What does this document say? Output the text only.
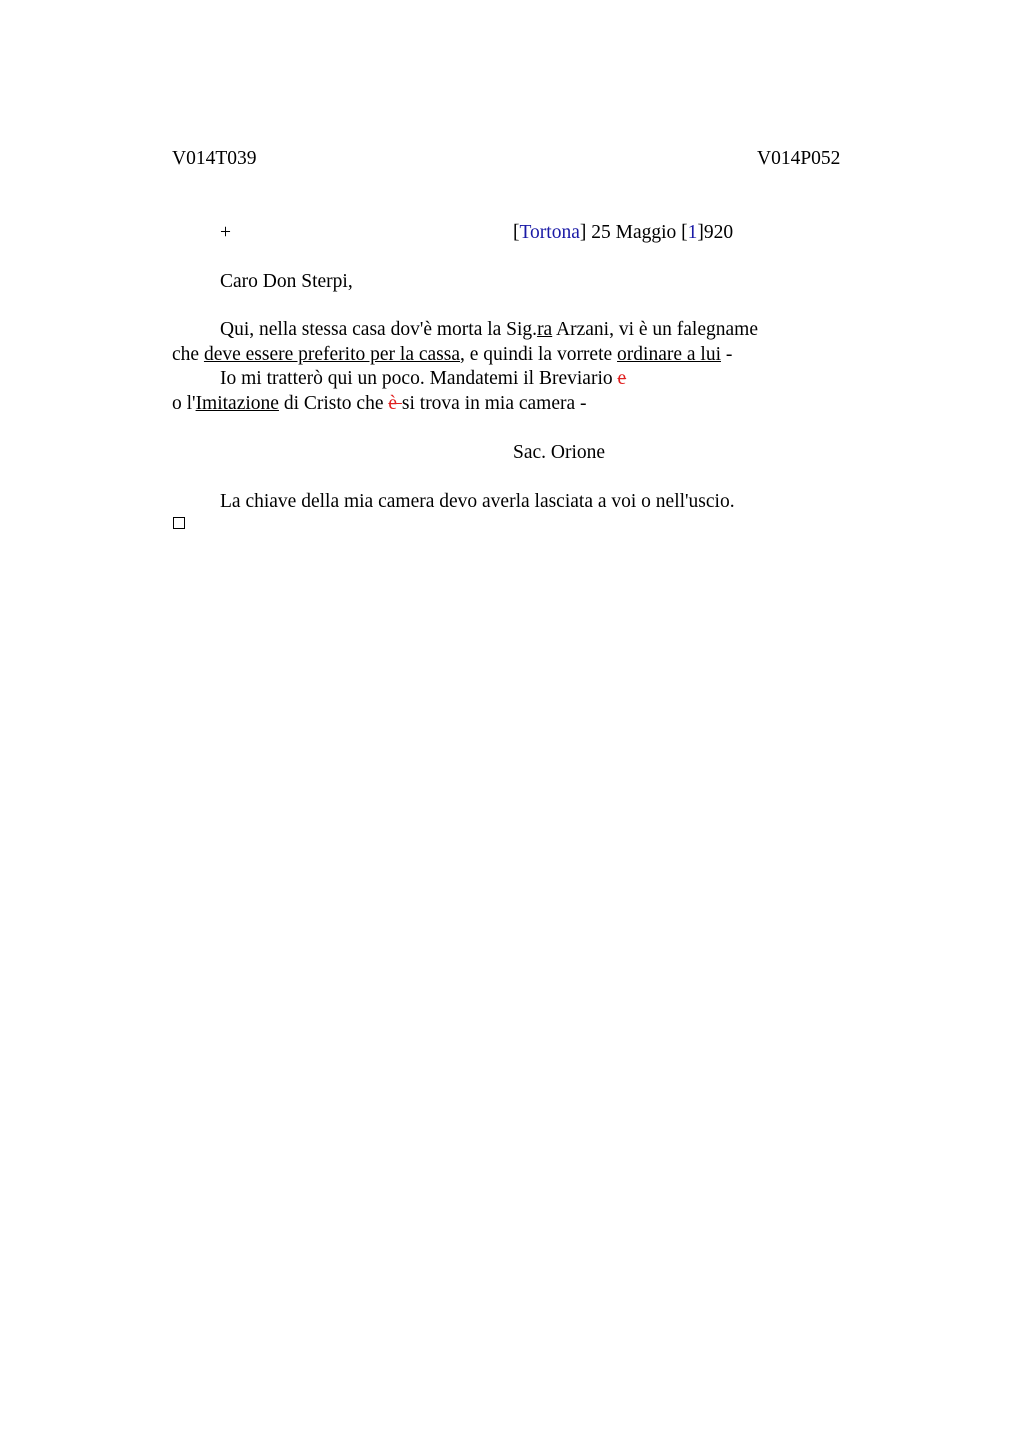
V014T039	V014P052
+	[Tortona] 25 Maggio [1]920
Caro Don Sterpi,
Qui, nella stessa casa dov'è morta la Sig.ra Arzani, vi è un falegname
che deve essere preferito per la cassa, e quindi la vorrete ordinare a lui -
Io mi tratterò qui un poco. Mandatemi il Breviario e
o l'Imitazione di Cristo che è si trova in mia camera -
Sac. Orione
La chiave della mia camera devo averla lasciata a voi o nell'uscio.
